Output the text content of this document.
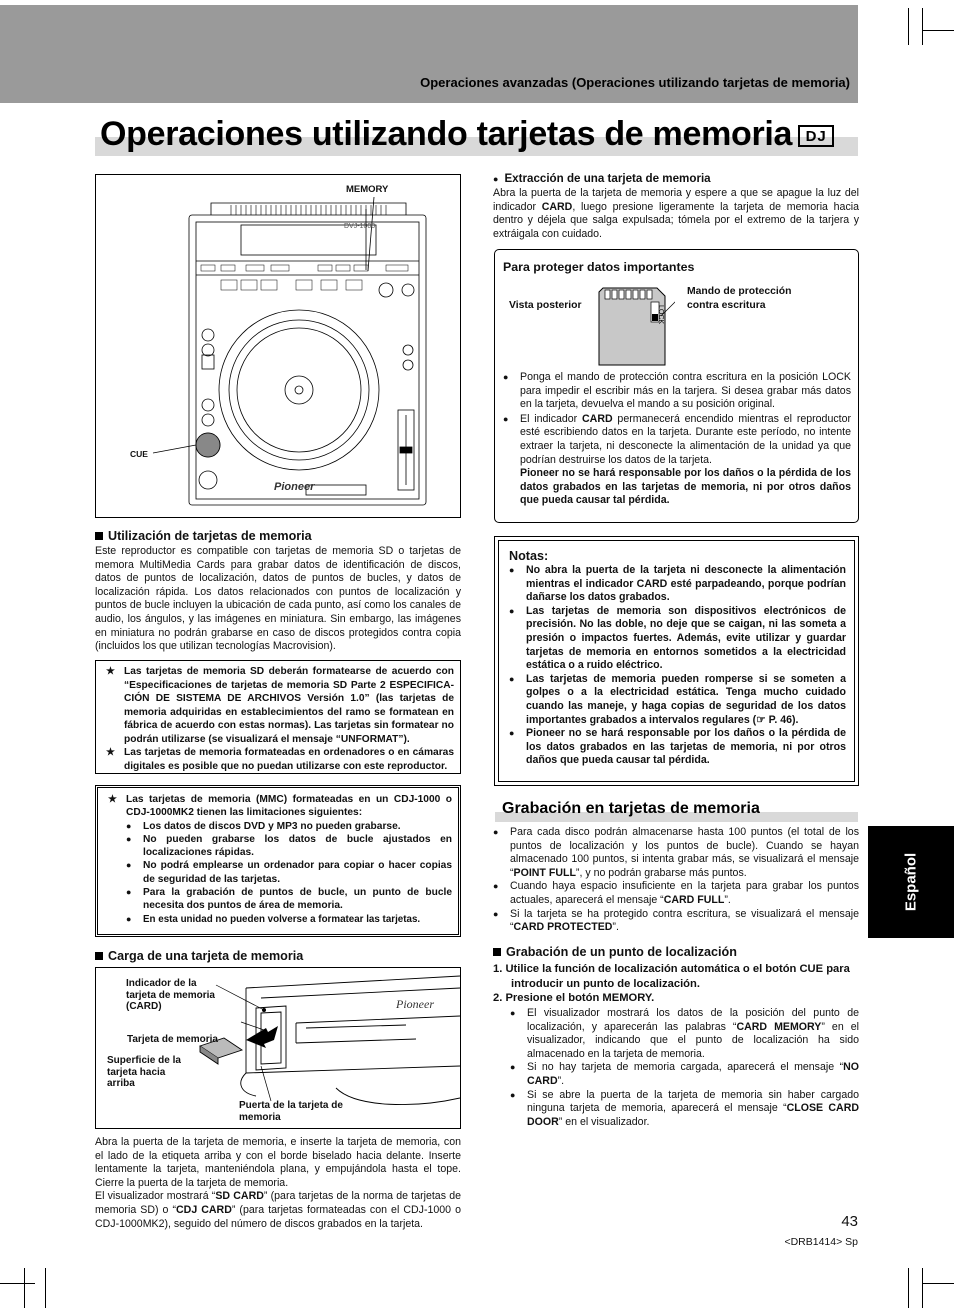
Operaciones avanzadas (Operaciones utilizando tarjetas de memoria)
Operaciones utilizando tarjetas de memoria DJ
MEMORY
CUE
DVJ-1000
Pioneer
Utilización de tarjetas de memoria
Este reproductor es compatible con tarjetas de memoria SD o tarjetas de memora MultiMedia Cards para grabar datos de identificación de discos, datos de puntos de localización, datos de puntos de bucles, y datos de localización rápida. Los datos relacionados con puntos de localización y puntos de bucle incluyen la ubicación de cada punto, así como los canales de audio, los ángulos, y las imágenes en miniatura. Sin embargo, las imágenes en miniatura no podrán grabarse en caso de discos protegidos contra copia (incluidos los que utilizan tecnologías Macrovision).
★ Las tarjetas de memoria SD deberán formatearse de acuerdo con “Especificaciones de tarjetas de memoria SD Parte 2 ESPECIFICA-CIÓN DE SISTEMA DE ARCHIVOS Versión 1.0” (las tarjetas de memoria adquiridas en establecimientos del ramo se formatean en fábrica de acuerdo con estas normas). Las tarjetas sin formatear no podrán utilizarse (se visualizará el mensaje “UNFORMAT”).
★ Las tarjetas de memoria formateadas en ordenadores o en cámaras digitales es posible que no puedan utilizarse con este reproductor.
★ Las tarjetas de memoria (MMC) formateadas en un CDJ-1000 o CDJ-1000MK2 tienen las limitaciones siguientes:
● Los datos de discos DVD y MP3 no pueden grabarse.
● No pueden grabarse los datos de bucle ajustados en localizaciones rápidas.
● No podrá emplearse un ordenador para copiar o hacer copias de seguridad de las tarjetas.
● Para la grabación de puntos de bucle, un punto de bucle necesita dos puntos de área de memoria.
● En esta unidad no pueden volverse a formatear las tarjetas.
Carga de una tarjeta de memoria
Pioneer
Indicador de la tarjeta de memoria (CARD)
Tarjeta de memoria
Superficie de la tarjeta hacia arriba
Puerta de la tarjeta de memoria
Abra la puerta de la tarjeta de memoria, e inserte la tarjeta de memoria, con el lado de la etiqueta arriba y con el borde biselado hacia delante. Inserte lentamente la tarjeta, manteniéndola plana, y empujándola hasta el tope. Cierre la puerta de la tarjeta de memoria.
El visualizador mostrará “SD CARD” (para tarjetas de la norma de tarjetas de memoria SD) o “CDJ CARD” (para tarjetas formateadas con el CDJ-1000 o CDJ-1000MK2), seguido del número de discos grabados en la tarjeta.
● Extracción de una tarjeta de memoria
Abra la puerta de la tarjeta de memoria y espere a que se apague la luz del indicador CARD, luego presione ligeramente la tarjeta de memoria hacia dentro y déjela que salga expulsada; tómela por el extremo de la tarjera y extráigala con cuidado.
Para proteger datos importantes
LOCK
Vista posterior
Mando de protección contra escritura
● Ponga el mando de protección contra escritura en la posición LOCK para impedir el escribir más en la tarjera. Si desea grabar más datos en la tarjeta, devuelva el mando a su posición original.
● El indicador CARD permanecerá encendido mientras el reproductor esté escribiendo datos en la tarjeta. Durante este período, no intente extraer la tarjeta, ni desconecte la alimentación de la unidad ya que podrían destruirse los datos de la tarjeta.
Pioneer no se hará responsable por los daños o la pérdida de los datos grabados en las tarjetas de memoria, ni por otros daños que pueda causar tal pérdida.
Notas:
● No abra la puerta de la tarjeta ni desconecte la alimentación mientras el indicador CARD esté parpadeando, porque podrían dañarse los datos grabados.
● Las tarjetas de memoria son dispositivos electrónicos de precisión. No las doble, no deje que se caigan, ni las someta a presión o impactos fuertes. Además, evite utilizar y guardar tarjetas de memoria en entornos sometidos a la electricidad estática o a ruido eléctrico.
● Las tarjetas de memoria pueden romperse si se someten a golpes o a la electricidad estática. Tenga mucho cuidado cuando las maneje, y haga copias de seguridad de los datos importantes grabados a intervalos regulares (☞ P. 46).
● Pioneer no se hará responsable por los daños o la pérdida de los datos grabados en las tarjetas de memoria, ni por otros daños que pueda causar tal pérdida.
Grabación en tarjetas de memoria
● Para cada disco podrán almacenarse hasta 100 puntos (el total de los puntos de localización y los puntos de bucle). Cuando se hayan almacenado 100 puntos, si intenta grabar más, se visualizará el mensaje “POINT FULL”, y no podrán grabarse más puntos.
● Cuando haya espacio insuficiente en la tarjeta para grabar los puntos actuales, aparecerá el mensaje “CARD FULL”.
● Si la tarjeta se ha protegido contra escritura, se visualizará el mensaje “CARD PROTECTED”.
Grabación de un punto de localización
1. Utilice la función de localización automática o el botón CUE para introducir un punto de localización.
2. Presione el botón MEMORY.
● El visualizador mostrará los datos de la posición del punto de localización, y aparecerán las palabras “CARD MEMORY” en el visualizador, indicando que el punto de localización ha sido almacenado en la tarjeta de memoria.
● Si no hay tarjeta de memoria cargada, aparecerá el mensaje “NO CARD”.
● Si se abre la puerta de la tarjeta de memoria sin haber cargado ninguna tarjeta de memoria, aparecerá el mensaje “CLOSE CARD DOOR” en el visualizador.
Español
43
<DRB1414> Sp
